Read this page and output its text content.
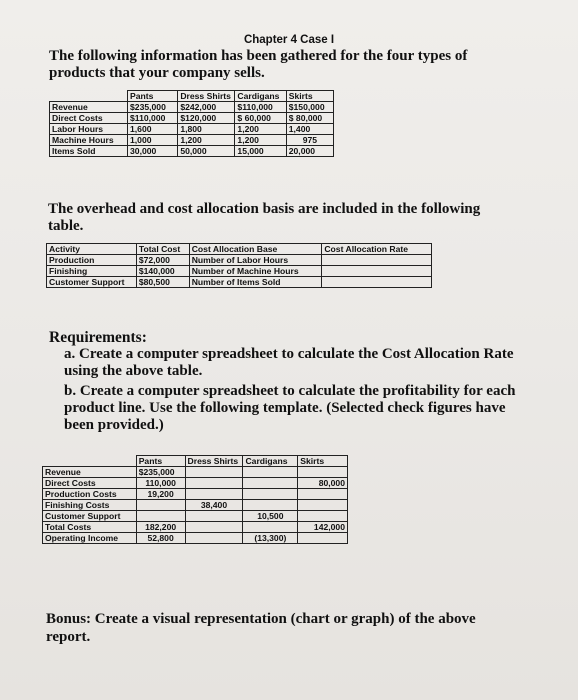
Chapter 4 Case I
The following information has been gathered for the four types of products that your company sells.
	Pants	Dress Shirts	Cardigans	Skirts
Revenue	$235,000	$242,000	$110,000	$150,000
Direct Costs	$110,000	$120,000	$ 60,000	$ 80,000
Labor Hours	1,600	1,800	1,200	1,400
Machine Hours	1,000	1,200	1,200	975
Items Sold	30,000	50,000	15,000	20,000
The overhead and cost allocation basis are included in the following table.
Activity	Total Cost	Cost Allocation Base	Cost Allocation Rate
Production	$72,000	Number of Labor Hours	
Finishing	$140,000	Number of Machine Hours	
Customer Support	$80,500	Number of Items Sold	
Requirements:
a. Create a computer spreadsheet to calculate the Cost Allocation Rate using the above table.
b. Create a computer spreadsheet to calculate the profitability for each product line. Use the following template. (Selected check figures have been provided.)
	Pants	Dress Shirts	Cardigans	Skirts
Revenue	$235,000			
Direct Costs	110,000			80,000
Production Costs	19,200			
Finishing Costs		38,400		
Customer Support			10,500	
Total Costs	182,200			142,000
Operating Income	52,800		(13,300)	
Bonus: Create a visual representation (chart or graph) of the above report.
